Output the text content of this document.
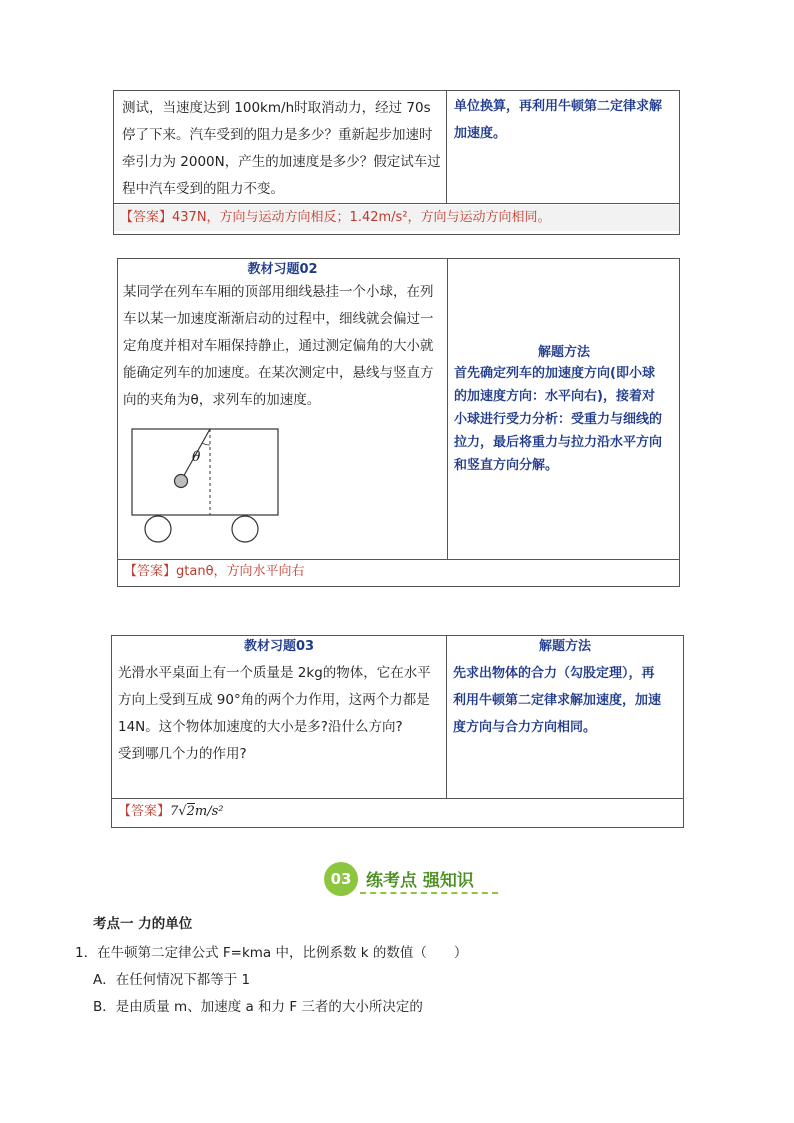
测试，当速度达到 100km/h时取消动力，经过 70s
停了下来。汽车受到的阻力是多少？重新起步加速时
牵引力为 2000N，产生的加速度是多少？假定试车过
程中汽车受到的阻力不变。
单位换算，再利用牛顿第二定律求解
加速度。
【答案】437N，方向与运动方向相反；1.42m/s²，方向与运动方向相同。
教材习题02
某同学在列车车厢的顶部用细线悬挂一个小球，在列
车以某一加速度渐渐启动的过程中，细线就会偏过一
定角度并相对车厢保持静止，通过测定偏角的大小就
能确定列车的加速度。在某次测定中，悬线与竖直方
向的夹角为θ，求列车的加速度。
θ
解题方法
首先确定列车的加速度方向(即小球
的加速度方向：水平向右)，接着对
小球进行受力分析：受重力与细线的
拉力，最后将重力与拉力沿水平方向
和竖直方向分解。
【答案】gtanθ，方向水平向右
教材习题03	解题方法
光滑水平桌面上有一个质量是 2kg的物体，它在水平
方向上受到互成 90°角的两个力作用，这两个力都是
14N。这个物体加速度的大小是多?沿什么方向?
受到哪几个力的作用?
先求出物体的合力（勾股定理），再
利用牛顿第二定律求解加速度，加速
度方向与合力方向相同。
【答案】7√2m/s²
03 练考点 强知识
考点一 力的单位
1．在牛顿第二定律公式 F=kma 中，比例系数 k 的数值（　　）
A．在任何情况下都等于 1
B．是由质量 m、加速度 a 和力 F 三者的大小所决定的
